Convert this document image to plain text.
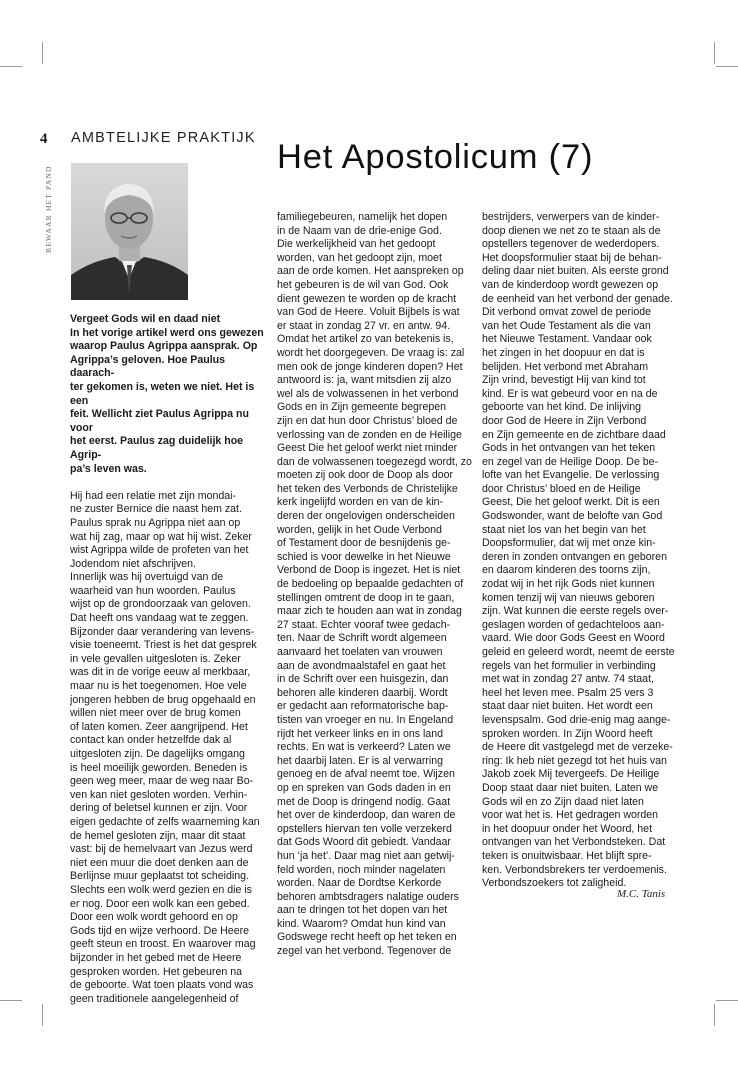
4 AMBTELIJKE PRAKTIJK
BEWAAR HET PAND
Het Apostolicum (7)

Vergeet Gods wil en daad niet
In het vorige artikel werd ons gewezen
waarop Paulus Agrippa aansprak. Op
Agrippa’s geloven. Hoe Paulus daarach-
ter gekomen is, weten we niet. Het is een
feit. Wellicht ziet Paulus Agrippa nu voor
het eerst. Paulus zag duidelijk hoe Agrip-
pa’s leven was.

Hij had een relatie met zijn mondai-
ne zuster Bernice die naast hem zat.
Paulus sprak nu Agrippa niet aan op
wat hij zag, maar op wat hij wist. Zeker
wist Agrippa wilde de profeten van het
Jodendom niet afschrijven.
Innerlijk was hij overtuigd van de
waarheid van hun woorden. Paulus
wijst op de grondoorzaak van geloven.
Dat heeft ons vandaag wat te zeggen.
Bijzonder daar verandering van levens-
visie toeneemt. Triest is het dat gesprek
in vele gevallen uitgesloten is. Zeker
was dit in de vorige eeuw al merkbaar,
maar nu is het toegenomen. Hoe vele
jongeren hebben de brug opgehaald en
willen niet meer over de brug komen
of laten komen. Zeer aangrijpend. Het
contact kan onder hetzelfde dak al
uitgesloten zijn. De dagelijks omgang
is heel moeilijk geworden. Beneden is
geen weg meer, maar de weg naar Bo-
ven kan niet gesloten worden. Verhin-
dering of beletsel kunnen er zijn. Voor
eigen gedachte of zelfs waarneming kan
de hemel gesloten zijn, maar dit staat
vast: bij de hemelvaart van Jezus werd
niet een muur die doet denken aan de
Berlijnse muur geplaatst tot scheiding.
Slechts een wolk werd gezien en die is
er nog. Door een wolk kan een gebed.
Door een wolk wordt gehoord en op
Gods tijd en wijze verhoord. De Heere
geeft steun en troost. En waarover mag
bijzonder in het gebed met de Heere
gesproken worden. Het gebeuren na
de geboorte. Wat toen plaats vond was
geen traditionele aangelegenheid of

familiegebeuren, namelijk het dopen
in de Naam van de drie-enige God.
Die werkelijkheid van het gedoopt
worden, van het gedoopt zijn, moet
aan de orde komen. Het aanspreken op
het gebeuren is de wil van God. Ook
dient gewezen te worden op de kracht
van God de Heere. Voluit Bijbels is wat
er staat in zondag 27 vr. en antw. 94.
Omdat het artikel zo van betekenis is,
wordt het doorgegeven. De vraag is: zal
men ook de jonge kinderen dopen? Het
antwoord is: ja, want mitsdien zij alzo
wel als de volwassenen in het verbond
Gods en in Zijn gemeente begrepen
zijn en dat hun door Christus’ bloed de
verlossing van de zonden en de Heilige
Geest Die het geloof werkt niet minder
dan de volwassenen toegezegd wordt, zo
moeten zij ook door de Doop als door
het teken des Verbonds de Christelijke
kerk ingelijfd worden en van de kin-
deren der ongelovigen onderscheiden
worden, gelijk in het Oude Verbond
of Testament door de besnijdenis ge-
schied is voor dewelke in het Nieuwe
Verbond de Doop is ingezet. Het is niet
de bedoeling op bepaalde gedachten of
stellingen omtrent de doop in te gaan,
maar zich te houden aan wat in zondag
27 staat. Echter vooraf twee gedach-
ten. Naar de Schrift wordt algemeen
aanvaard het toelaten van vrouwen
aan de avondmaalstafel en gaat het
in de Schrift over een huisgezin, dan
behoren alle kinderen daarbij. Wordt
er gedacht aan reformatorische bap-
tisten van vroeger en nu. In Engeland
rijdt het verkeer links en in ons land
rechts. En wat is verkeerd? Laten we
het daarbij laten. Er is al verwarring
genoeg en de afval neemt toe. Wijzen
op en spreken van Gods daden in en
met de Doop is dringend nodig. Gaat
het over de kinderdoop, dan waren de
opstellers hiervan ten volle verzekerd
dat Gods Woord dit gebiedt. Vandaar
hun ‘ja het’. Daar mag niet aan getwij-
feld worden, noch minder nagelaten
worden. Naar de Dordtse Kerkorde
behoren ambtsdragers nalatige ouders
aan te dringen tot het dopen van het
kind. Waarom? Omdat hun kind van
Godswege recht heeft op het teken en
zegel van het verbond. Tegenover de

bestrijders, verwerpers van de kinder-
doop dienen we net zo te staan als de
opstellers tegenover de wederdopers.
Het doopsformulier staat bij de behan-
deling daar niet buiten. Als eerste grond
van de kinderdoop wordt gewezen op
de eenheid van het verbond der genade.
Dit verbond omvat zowel de periode
van het Oude Testament als die van
het Nieuwe Testament. Vandaar ook
het zingen in het doopuur en dat is
belijden. Het verbond met Abraham
Zijn vrind, bevestigt Hij van kind tot
kind. Er is wat gebeurd voor en na de
geboorte van het kind. De inlijving
door God de Heere in Zijn Verbond
en Zijn gemeente en de zichtbare daad
Gods in het ontvangen van het teken
en zegel van de Heilige Doop. De be-
lofte van het Evangelie. De verlossing
door Christus’ bloed en de Heilige
Geest, Die het geloof werkt. Dit is een
Godswonder, want de belofte van God
staat niet los van het begin van het
Doopsformulier, dat wij met onze kin-
deren in zonden ontvangen en geboren
en daarom kinderen des toorns zijn,
zodat wij in het rijk Gods niet kunnen
komen tenzij wij van nieuws geboren
zijn. Wat kunnen die eerste regels over-
geslagen worden of gedachteloos aan-
vaard. Wie door Gods Geest en Woord
geleid en geleerd wordt, neemt de eerste
regels van het formulier in verbinding
met wat in zondag 27 antw. 74 staat,
heel het leven mee. Psalm 25 vers 3
staat daar niet buiten. Het wordt een
levenspsalm. God drie-enig mag aange-
sproken worden. In Zijn Woord heeft
de Heere dit vastgelegd met de verzeke-
ring: Ik heb niet gezegd tot het huis van
Jakob zoek Mij tevergeefs. De Heilige
Doop staat daar niet buiten. Laten we
Gods wil en zo Zijn daad niet laten
voor wat het is. Het gedragen worden
in het doopuur onder het Woord, het
ontvangen van het Verbondsteken. Dat
teken is onuitwisbaar. Het blijft spre-
ken. Verbondsbrekers ter verdoemenis.
Verbondszoekers tot zaligheid.

M.C. Tanis
